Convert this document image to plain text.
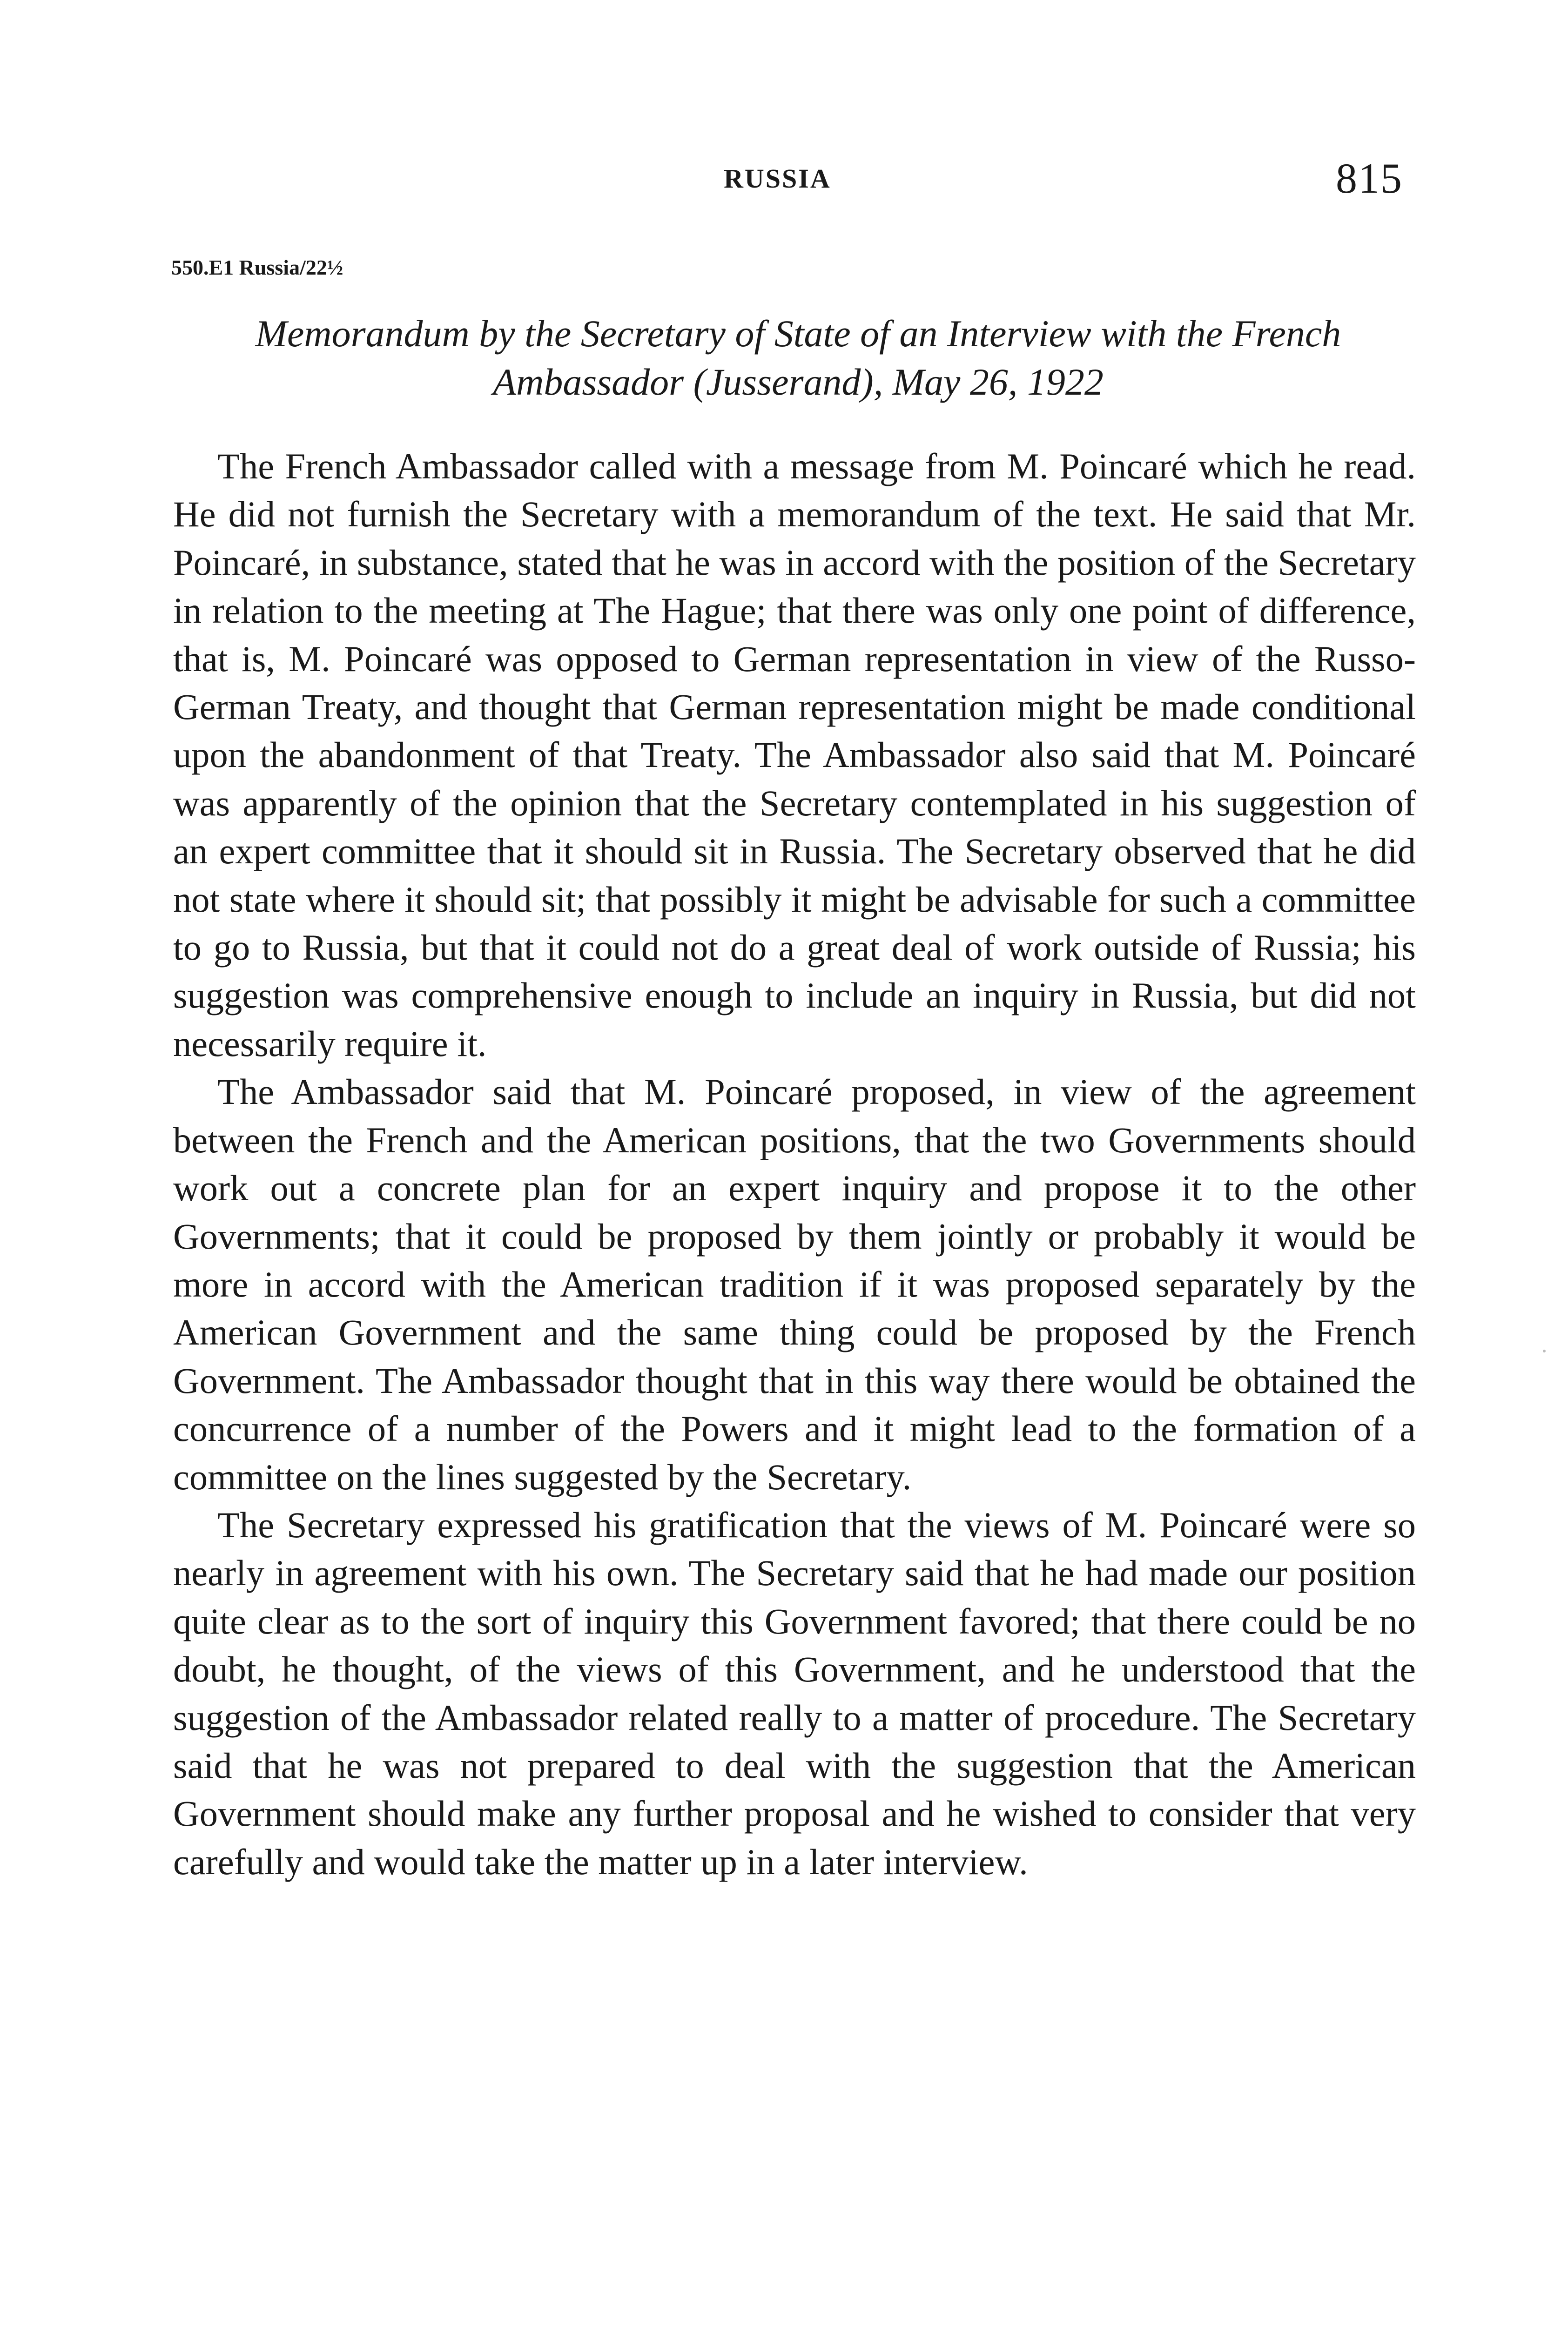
RUSSIA	815
550.E1 Russia/22½
Memorandum by the Secretary of State of an Interview with the French Ambassador (Jusserand), May 26, 1922

The French Ambassador called with a message from M. Poincaré which he read. He did not furnish the Secretary with a memorandum of the text. He said that Mr. Poincaré, in substance, stated that he was in accord with the position of the Secretary in relation to the meeting at The Hague; that there was only one point of difference, that is, M. Poincaré was opposed to German representation in view of the Russo-German Treaty, and thought that German representation might be made conditional upon the abandonment of that Treaty. The Ambassador also said that M. Poincaré was apparently of the opinion that the Secretary contemplated in his suggestion of an expert committee that it should sit in Russia. The Secretary observed that he did not state where it should sit; that possibly it might be advisable for such a committee to go to Russia, but that it could not do a great deal of work outside of Russia; his suggestion was comprehensive enough to include an inquiry in Russia, but did not necessarily require it.

The Ambassador said that M. Poincaré proposed, in view of the agreement between the French and the American positions, that the two Governments should work out a concrete plan for an expert inquiry and propose it to the other Governments; that it could be proposed by them jointly or probably it would be more in accord with the American tradition if it was proposed separately by the American Government and the same thing could be proposed by the French Government. The Ambassador thought that in this way there would be obtained the concurrence of a number of the Powers and it might lead to the formation of a committee on the lines suggested by the Secretary.

The Secretary expressed his gratification that the views of M. Poincaré were so nearly in agreement with his own. The Secretary said that he had made our position quite clear as to the sort of inquiry this Government favored; that there could be no doubt, he thought, of the views of this Government, and he understood that the suggestion of the Ambassador related really to a matter of procedure. The Secretary said that he was not prepared to deal with the suggestion that the American Government should make any further proposal and he wished to consider that very carefully and would take the matter up in a later interview.
